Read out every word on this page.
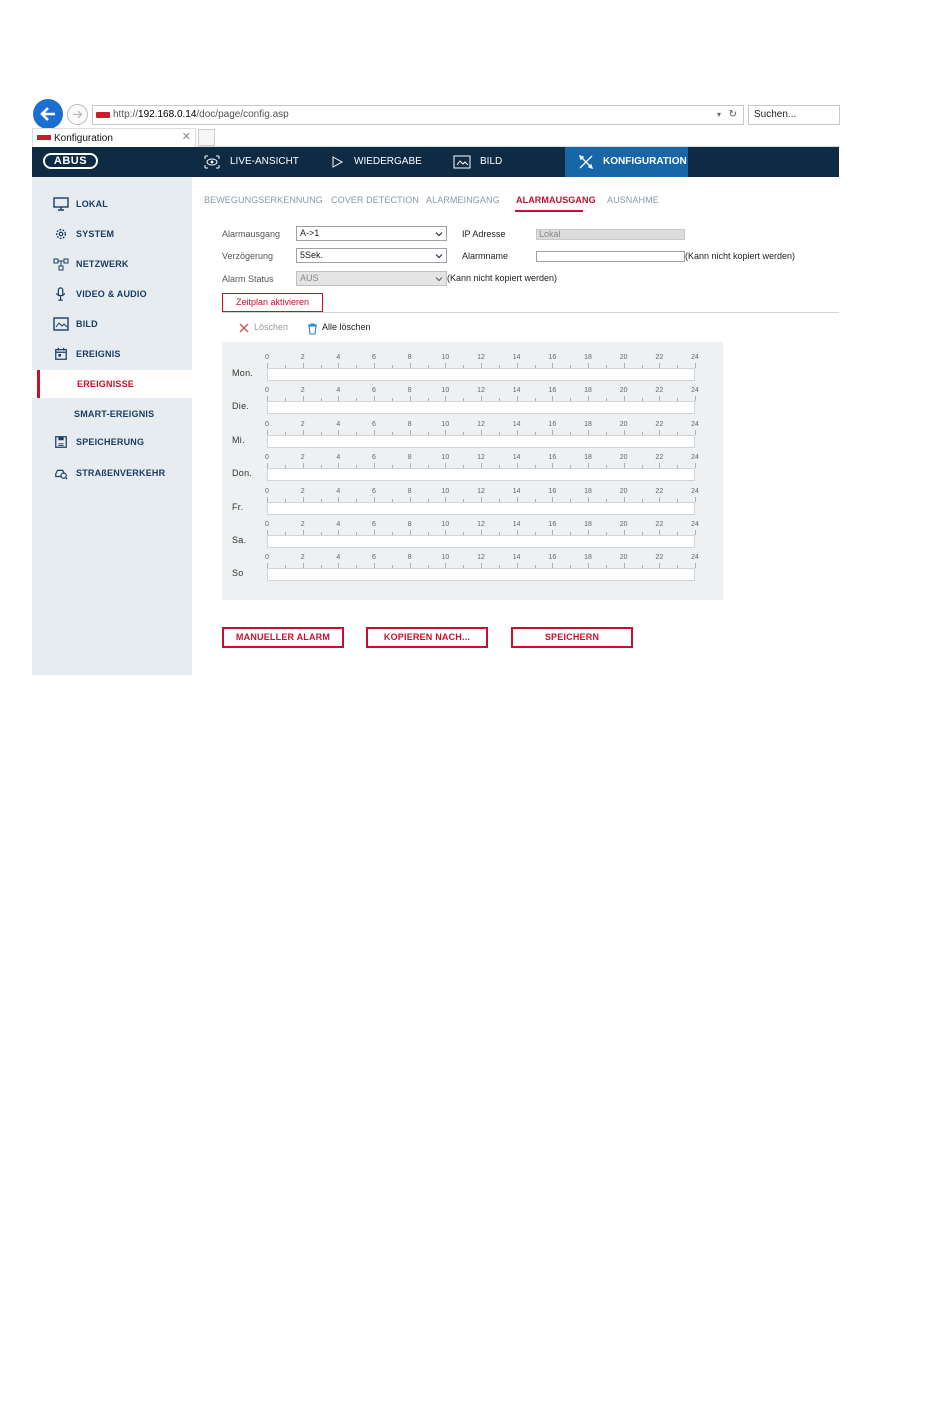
http://192.168.0.14/doc/page/config.asp	▾ ↻	Suchen...
Konfiguration	✕
ABUS	LIVE-ANSICHT	WIEDERGABE	BILD	KONFIGURATION
LOKAL
SYSTEM
NETZWERK
VIDEO & AUDIO
BILD
EREIGNIS
EREIGNISSE
SMART-EREIGNIS
SPEICHERUNG
STRAßENVERKEHR
BEWEGUNGSERKENNUNG COVER DETECTION ALARMEINGANG ALARMAUSGANG AUSNAHME
Alarmausgang	A->1
Verzögerung	5Sek.
Alarm Status	AUS	(Kann nicht kopiert werden)
IP Adresse	Lokal
Alarmname	(Kann nicht kopiert werden)
Zeitplan aktivieren
Löschen	Alle löschen
Mon.
0	2	4	6	8	10	12	14	16	18	20	22	24
Die.
0	2	4	6	8	10	12	14	16	18	20	22	24
Mi.
0	2	4	6	8	10	12	14	16	18	20	22	24
Don.
0	2	4	6	8	10	12	14	16	18	20	22	24
Fr.
0	2	4	6	8	10	12	14	16	18	20	22	24
Sa.
0	2	4	6	8	10	12	14	16	18	20	22	24
So
0	2	4	6	8	10	12	14	16	18	20	22	24
MANUELLER ALARM	KOPIEREN NACH...	SPEICHERN
